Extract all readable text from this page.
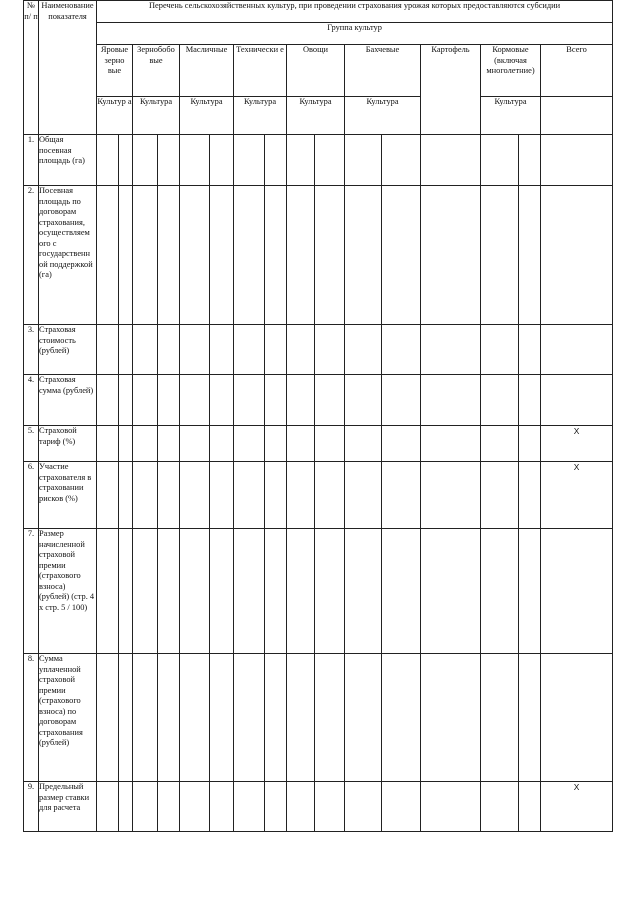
№ п/ п	Наименование показателя	Перечень сельскохозяйственных культур, при проведении страхования урожая которых предоставляются субсидии															
		Группа культур															
		Яровые зерно вые		Зернобобо вые		Масличные		Технически е		Овощи		Бахчевые		Картофель	Кормовые (включая многолетние)		Всего
		Культур а		Культура		Культура		Культура		Культура		Культура			Культура		
1.	Общая посевная площадь (га)																
2.	Посевная площадь по договорам страхования, осуществляем ого с государственн ой поддержкой (га)																
3.	Страховая стоимость (рублей)																
4.	Страховая сумма (рублей)																
5.	Страховой тариф (%)																X
6.	Участие страхователя в страховании рисков (%)																X
7.	Размер начисленной страховой премии (страхового взноса) (рублей) (стр. 4 х стр. 5 / 100)																
8.	Сумма уплаченной страховой премии (страхового взноса) по договорам страхования (рублей)																
9.	Предельный размер ставки для расчета																X
